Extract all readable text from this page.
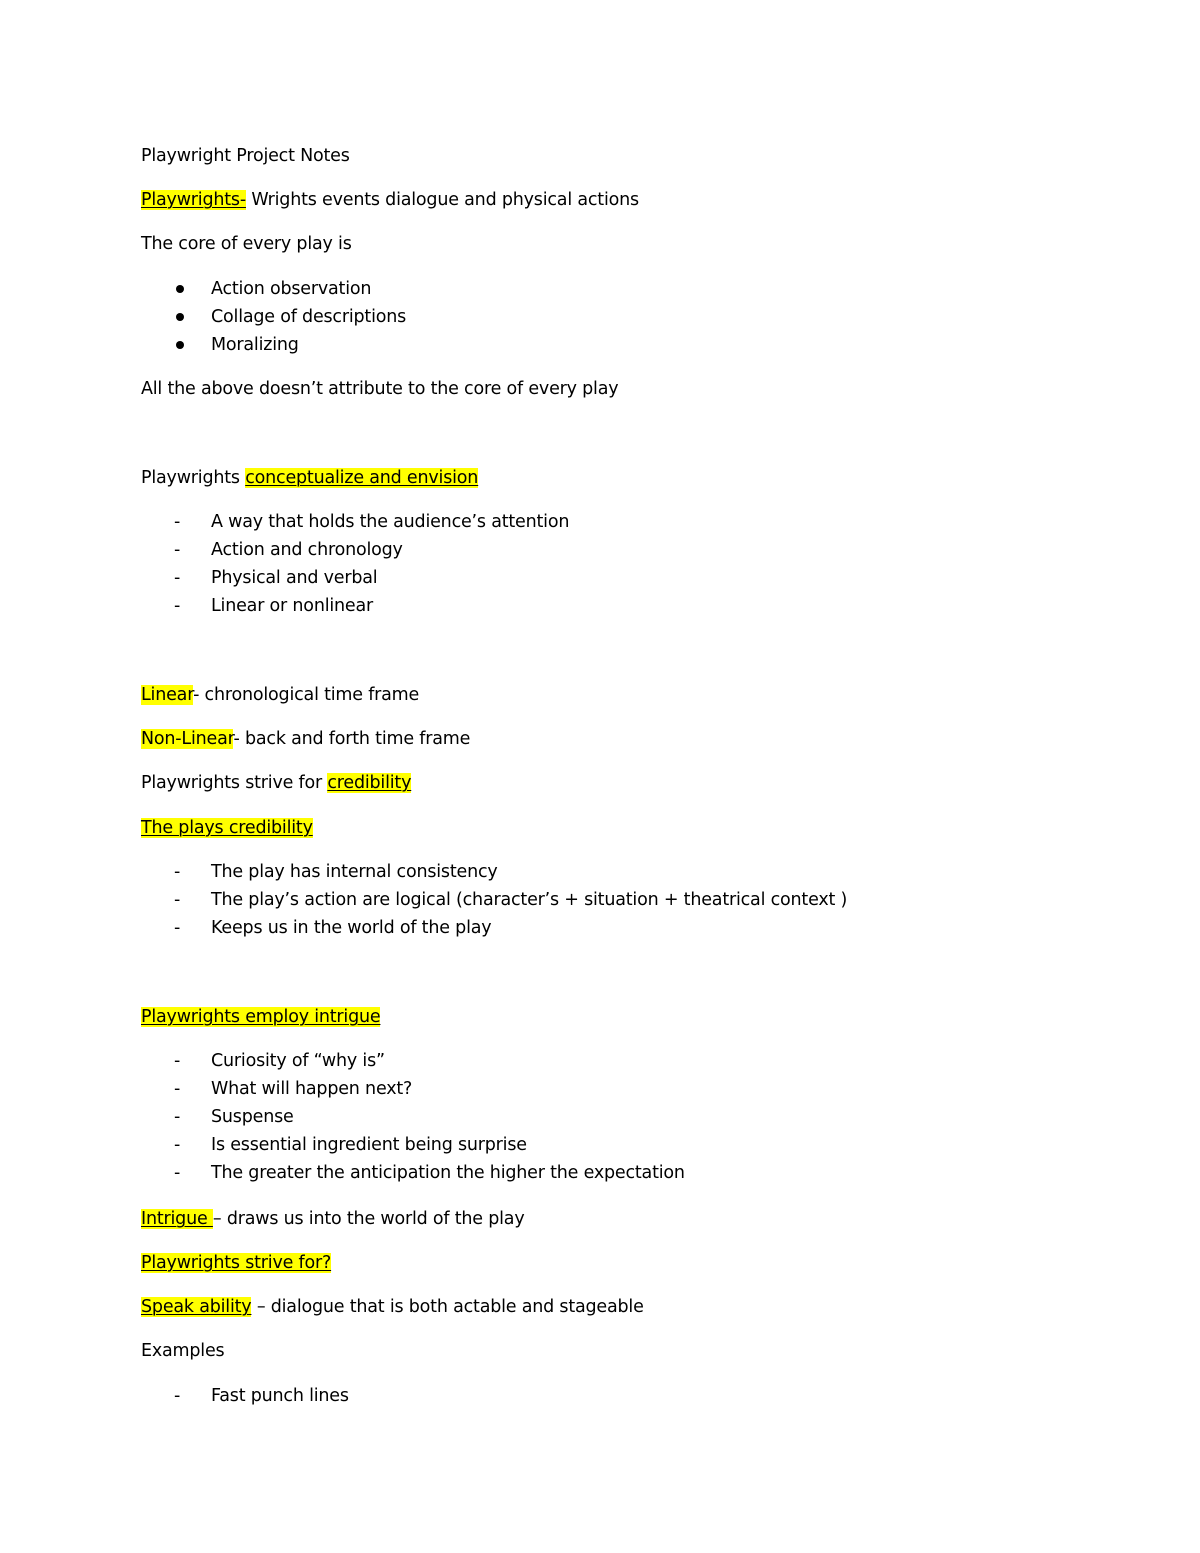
Playwright Project Notes
Playwrights- Wrights events dialogue and physical actions
The core of every play is
Action observation
Collage of descriptions
Moralizing
All the above doesn’t attribute to the core of every play
Playwrights conceptualize and envision
-	A way that holds the audience’s attention
-	Action and chronology
-	Physical and verbal
-	Linear or nonlinear
Linear- chronological time frame
Non-Linear- back and forth time frame
Playwrights strive for credibility
The plays credibility
-	The play has internal consistency
-	The play’s action are logical (character’s + situation + theatrical context )
-	Keeps us in the world of the play
Playwrights employ intrigue
-	Curiosity of “why is”
-	What will happen next?
-	Suspense
-	Is essential ingredient being surprise
-	The greater the anticipation the higher the expectation
Intrigue – draws us into the world of the play
Playwrights strive for?
Speak ability – dialogue that is both actable and stageable
Examples
-	Fast punch lines
